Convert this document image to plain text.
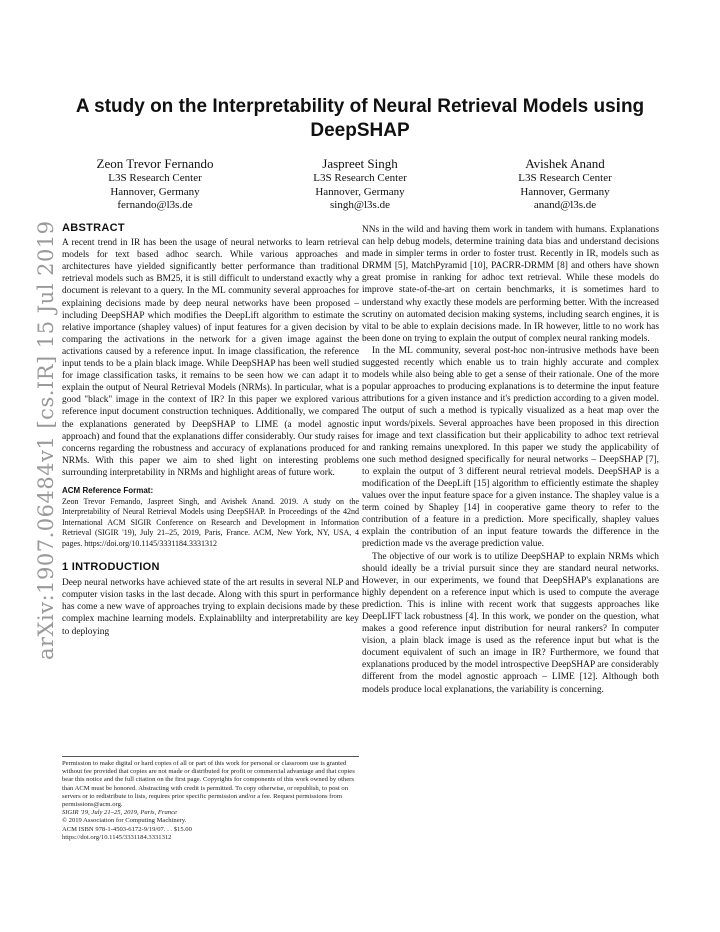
arXiv:1907.06484v1 [cs.IR] 15 Jul 2019
A study on the Interpretability of Neural Retrieval Models using DeepSHAP
Zeon Trevor Fernando
L3S Research Center
Hannover, Germany
fernando@l3s.de
Jaspreet Singh
L3S Research Center
Hannover, Germany
singh@l3s.de
Avishek Anand
L3S Research Center
Hannover, Germany
anand@l3s.de
ABSTRACT

A recent trend in IR has been the usage of neural networks to learn retrieval models for text based adhoc search. While various approaches and architectures have yielded significantly better performance than traditional retrieval models such as BM25, it is still difficult to understand exactly why a document is relevant to a query. In the ML community several approaches for explaining decisions made by deep neural networks have been proposed – including DeepSHAP which modifies the DeepLift algorithm to estimate the relative importance (shapley values) of input features for a given decision by comparing the activations in the network for a given image against the activations caused by a reference input. In image classification, the reference input tends to be a plain black image. While DeepSHAP has been well studied for image classification tasks, it remains to be seen how we can adapt it to explain the output of Neural Retrieval Models (NRMs). In particular, what is a good "black" image in the context of IR? In this paper we explored various reference input document construction techniques. Additionally, we compared the explanations generated by DeepSHAP to LIME (a model agnostic approach) and found that the explanations differ considerably. Our study raises concerns regarding the robustness and accuracy of explanations produced for NRMs. With this paper we aim to shed light on interesting problems surrounding interpretability in NRMs and highlight areas of future work.

ACM Reference Format:

Zeon Trevor Fernando, Jaspreet Singh, and Avishek Anand. 2019. A study on the Interpretability of Neural Retrieval Models using DeepSHAP. In Proceedings of the 42nd International ACM SIGIR Conference on Research and Development in Information Retrieval (SIGIR '19), July 21–25, 2019, Paris, France. ACM, New York, NY, USA, 4 pages. https://doi.org/10.1145/3331184.3331312

1 INTRODUCTION

Deep neural networks have achieved state of the art results in several NLP and computer vision tasks in the last decade. Along with this spurt in performance has come a new wave of approaches trying to explain decisions made by these complex machine learning models. Explainablilty and interpretability are key to deploying

Permission to make digital or hard copies of all or part of this work for personal or classroom use is granted without fee provided that copies are not made or distributed for profit or commercial advantage and that copies bear this notice and the full citation on the first page. Copyrights for components of this work owned by others than ACM must be honored. Abstracting with credit is permitted. To copy otherwise, or republish, to post on servers or to redistribute to lists, requires prior specific permission and/or a fee. Request permissions from permissions@acm.org.
SIGIR '19, July 21–25, 2019, Paris, France
© 2019 Association for Computing Machinery.
ACM ISBN 978-1-4503-6172-9/19/07. . . $15.00
https://doi.org/10.1145/3331184.3331312

NNs in the wild and having them work in tandem with humans. Explanations can help debug models, determine training data bias and understand decisions made in simpler terms in order to foster trust. Recently in IR, models such as DRMM [5], MatchPyramid [10], PACRR-DRMM [8] and others have shown great promise in ranking for adhoc text retrieval. While these models do improve state-of-the-art on certain benchmarks, it is sometimes hard to understand why exactly these models are performing better. With the increased scrutiny on automated decision making systems, including search engines, it is vital to be able to explain decisions made. In IR however, little to no work has been done on trying to explain the output of complex neural ranking models.

In the ML community, several post-hoc non-intrusive methods have been suggested recently which enable us to train highly accurate and complex models while also being able to get a sense of their rationale. One of the more popular approaches to producing explanations is to determine the input feature attributions for a given instance and it's prediction according to a given model. The output of such a method is typically visualized as a heat map over the input words/pixels. Several approaches have been proposed in this direction for image and text classification but their applicability to adhoc text retrieval and ranking remains unexplored. In this paper we study the applicability of one such method designed specifically for neural networks – DeepSHAP [7], to explain the output of 3 different neural retrieval models. DeepSHAP is a modification of the DeepLift [15] algorithm to efficiently estimate the shapley values over the input feature space for a given instance. The shapley value is a term coined by Shapley [14] in cooperative game theory to refer to the contribution of a feature in a prediction. More specifically, shapley values explain the contribution of an input feature towards the difference in the prediction made vs the average prediction value.

The objective of our work is to utilize DeepSHAP to explain NRMs which should ideally be a trivial pursuit since they are standard neural networks. However, in our experiments, we found that DeepSHAP's explanations are highly dependent on a reference input which is used to compute the average prediction. This is inline with recent work that suggests approaches like DeepLIFT lack robustness [4]. In this work, we ponder on the question, what makes a good reference input distribution for neural rankers? In computer vision, a plain black image is used as the reference input but what is the document equivalent of such an image in IR? Furthermore, we found that explanations produced by the model introspective DeepSHAP are considerably different from the model agnostic approach – LIME [12]. Although both models produce local explanations, the variability is concerning.
